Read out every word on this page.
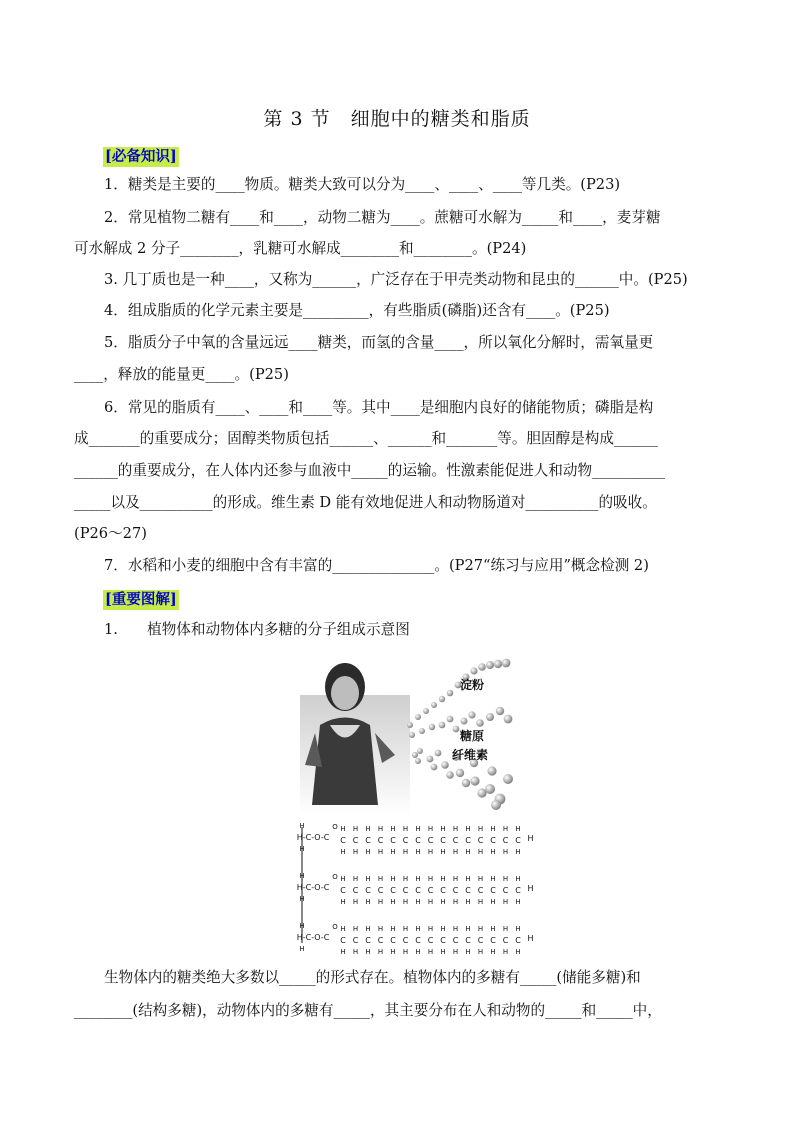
第 3 节　细胞中的糖类和脂质
[必备知识]
1．糖类是主要的____物质。糖类大致可以分为____、____、____等几类。(P23)
2．常见植物二糖有____和____，动物二糖为____。蔗糖可水解为_____和____，麦芽糖
可水解成 2 分子________，乳糖可水解成________和________。(P24)
3. 几丁质也是一种____，又称为______，广泛存在于甲壳类动物和昆虫的______中。(P25)
4．组成脂质的化学元素主要是_________，有些脂质(磷脂)还含有____。(P25)
5．脂质分子中氧的含量远远____糖类，而氢的含量____，所以氧化分解时，需氧量更
____，释放的能量更____。(P25)
6．常见的脂质有____、____和____等。其中____是细胞内良好的储能物质；磷脂是构
成_______的重要成分；固醇类物质包括______、______和_______等。胆固醇是构成______
______的重要成分，在人体内还参与血液中_____的运输。性激素能促进人和动物__________
_____以及__________的形成。维生素 D 能有效地促进人和动物肠道对__________的吸收。
(P26～27)
7．水稻和小麦的细胞中含有丰富的______________。(P27“练习与应用”概念检测 2)
[重要图解]
1.　　植物体和动物体内多糖的分子组成示意图
淀粉
糖原
纤维素
H-C-O-C C
H
H
O
C
H
H
C
H
H
C
H
H
C
H
H
C
H
H
C
H
H
C
H
H
C
H
H
C
H
H
C
H
H
C
H
H
C
H
H
C
H
H
C
H
H
H
H
H
H-C-O-C C
H
H
O
C
H
H
C
H
H
C
H
H
C
H
H
C
H
H
C
H
H
C
H
H
C
H
H
C
H
H
C
H
H
C
H
H
C
H
H
C
H
H
C
H
H
H
H
H
H-C-O-C C
H
H
O
C
H
H
C
H
H
C
H
H
C
H
H
C
H
H
C
H
H
C
H
H
C
H
H
C
H
H
C
H
H
C
H
H
C
H
H
C
H
H
C
H
H
H
H
H
生物体内的糖类绝大多数以_____的形式存在。植物体内的多糖有_____(储能多糖)和
________(结构多糖)，动物体内的多糖有_____，其主要分布在人和动物的_____和_____中，
